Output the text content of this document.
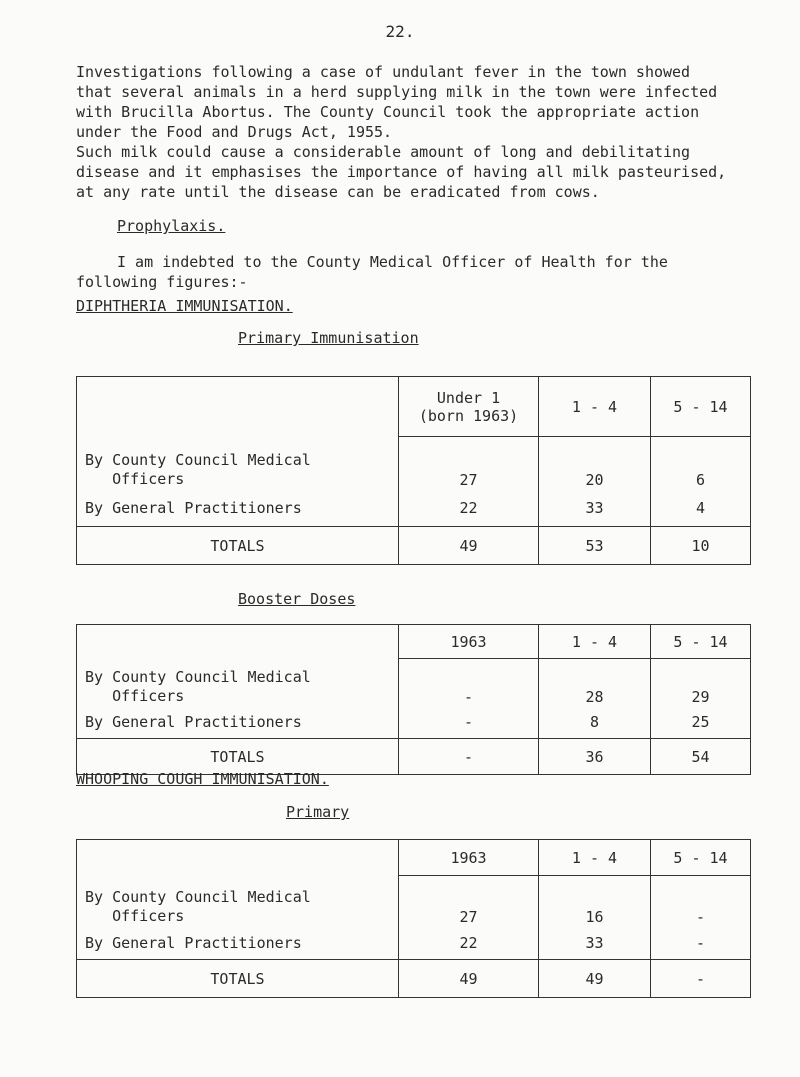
22.

Investigations following a case of undulant fever in the town showed
that several animals in a herd supplying milk in the town were infected
with Brucilla Abortus. The County Council took the appropriate action
under the Food and Drugs Act, 1955.

Such milk could cause a considerable amount of long and debilitating
disease and it emphasises the importance of having all milk pasteurised,
at any rate until the disease can be eradicated from cows.

Prophylaxis.

I am indebted to the County Medical Officer of Health for the
following figures:-

DIPHTHERIA IMMUNISATION.

Primary Immunisation

	Under 1
(born 1963)	1 - 4	5 - 14
By County Council Medical
Officers	27	20	6
By General Practitioners	22	33	4
TOTALS	49	53	10

Booster Doses

	1963	1 - 4	5 - 14
By County Council Medical
Officers	-	28	29
By General Practitioners	-	8	25
TOTALS	-	36	54

WHOOPING COUGH IMMUNISATION.

Primary

	1963	1 - 4	5 - 14
By County Council Medical
Officers	27	16	-
By General Practitioners	22	33	-
TOTALS	49	49	-
